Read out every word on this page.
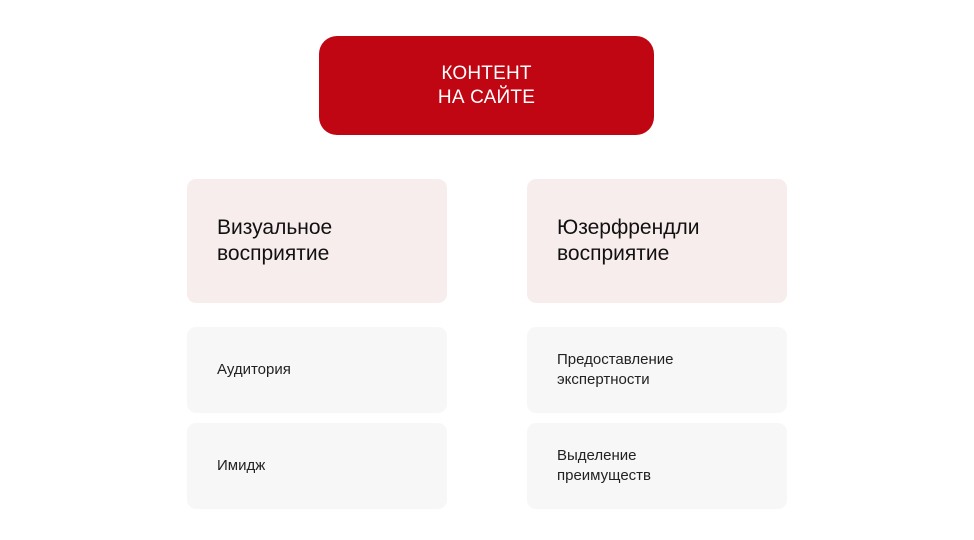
КОНТЕНТ
НА САЙТЕ
Визуальное
восприятие
Аудитория
Имидж
Юзерфрендли
восприятие
Предоставление
экспертности
Выделение
преимуществ
